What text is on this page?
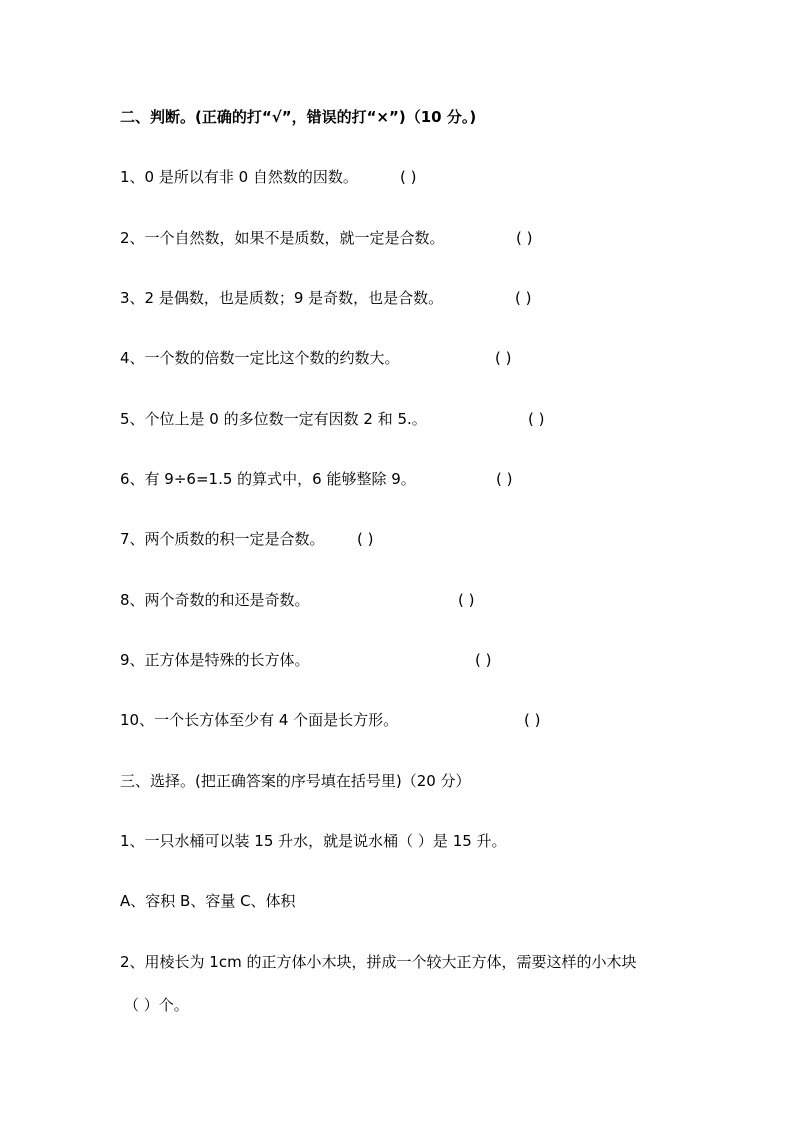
二、判断。(正确的打“√”，错误的打“×”)（10 分。)
1、0 是所以有非 0 自然数的因数。	( )
2、一个自然数，如果不是质数，就一定是合数。	( )
3、2 是偶数，也是质数；9 是奇数，也是合数。	( )
4、一个数的倍数一定比这个数的约数大。	( )
5、个位上是 0 的多位数一定有因数 2 和 5.。	( )
6、有 9÷6=1.5 的算式中，6 能够整除 9。	( )
7、两个质数的积一定是合数。 ( )
8、两个奇数的和还是奇数。	( )
9、正方体是特殊的长方体。	( )
10、一个长方体至少有 4 个面是长方形。	( )
三、选择。(把正确答案的序号填在括号里)（20 分）
1、一只水桶可以装 15 升水，就是说水桶（ ）是 15 升。
A、容积 B、容量 C、体积
2、用棱长为 1cm 的正方体小木块，拼成一个较大正方体，需要这样的小木块
（ ）个。
